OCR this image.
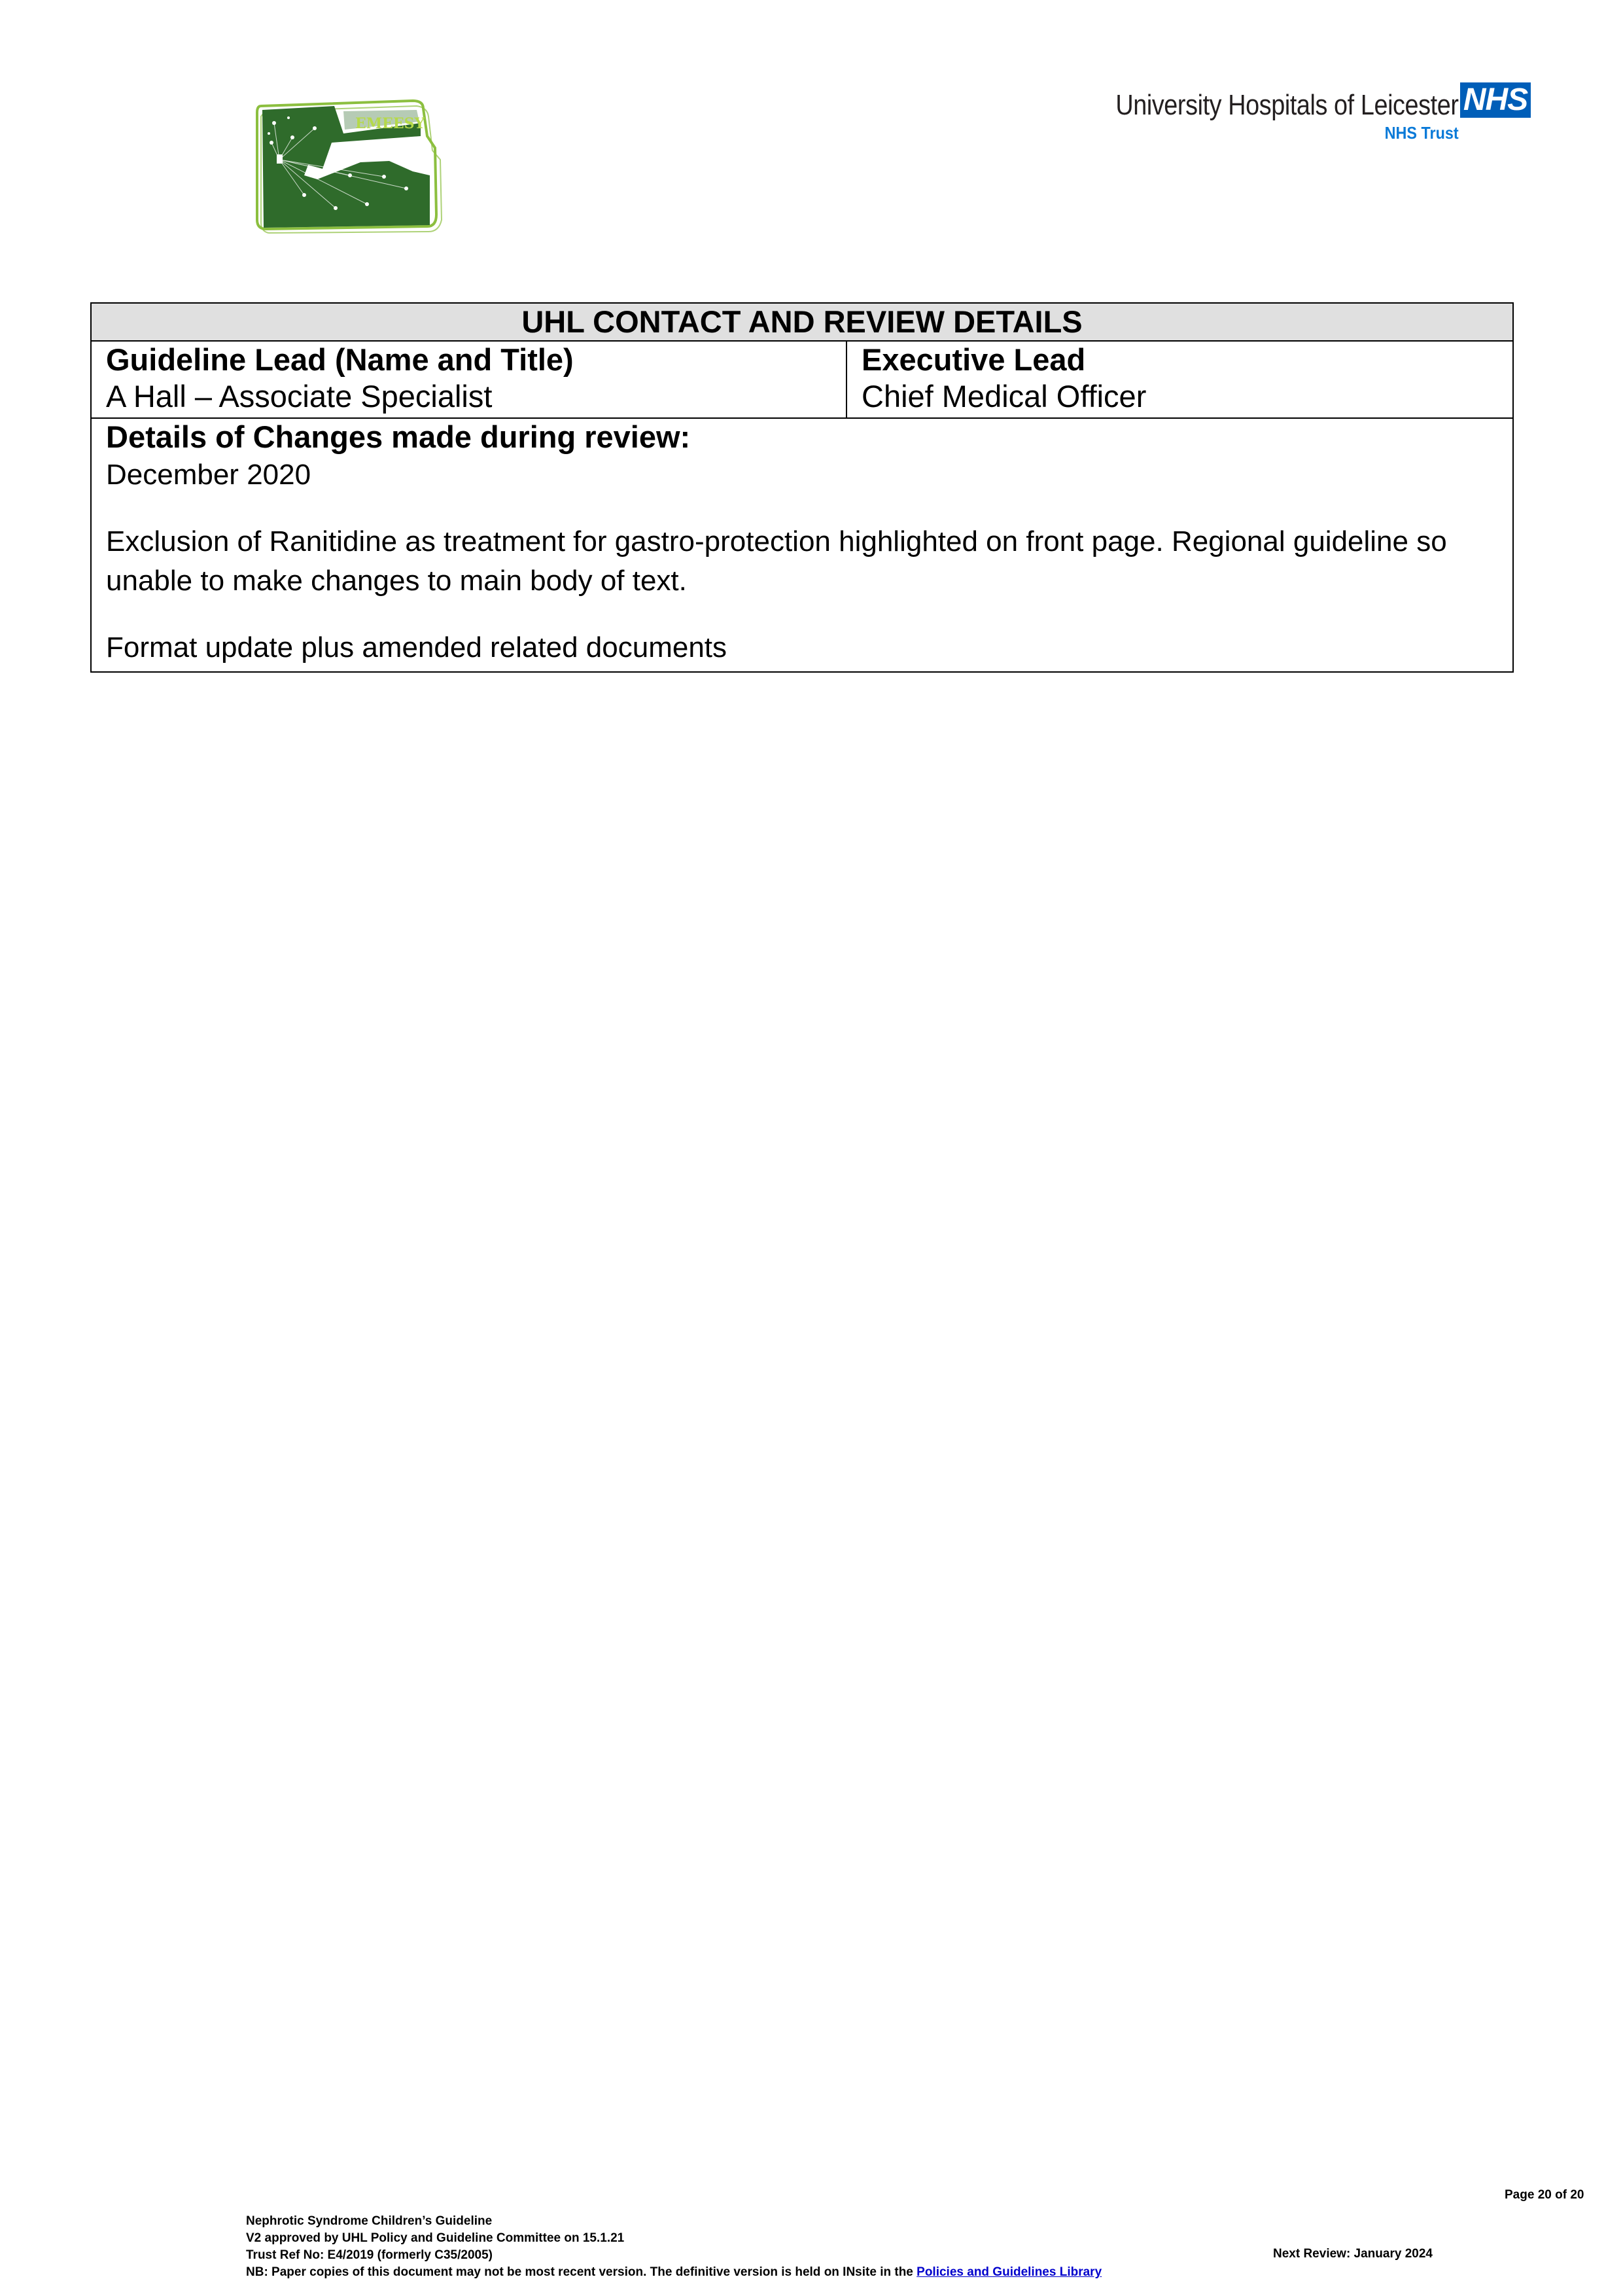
EMEESY
University Hospitals of Leicester NHS
NHS Trust
UHL CONTACT AND REVIEW DETAILS

Guideline Lead (Name and Title)
A Hall – Associate Specialist

Executive Lead
Chief Medical Officer

Details of Changes made during review:

December 2020

Exclusion of Ranitidine as treatment for gastro-protection highlighted on front page. Regional guideline so unable to make changes to main body of text.

Format update plus amended related documents

Page 20 of 20
Nephrotic Syndrome Children’s Guideline
V2 approved by UHL Policy and Guideline Committee on 15.1.21
Trust Ref No: E4/2019 (formerly C35/2005)
NB: Paper copies of this document may not be most recent version. The definitive version is held on INsite in the Policies and Guidelines Library
Next Review: January 2024
